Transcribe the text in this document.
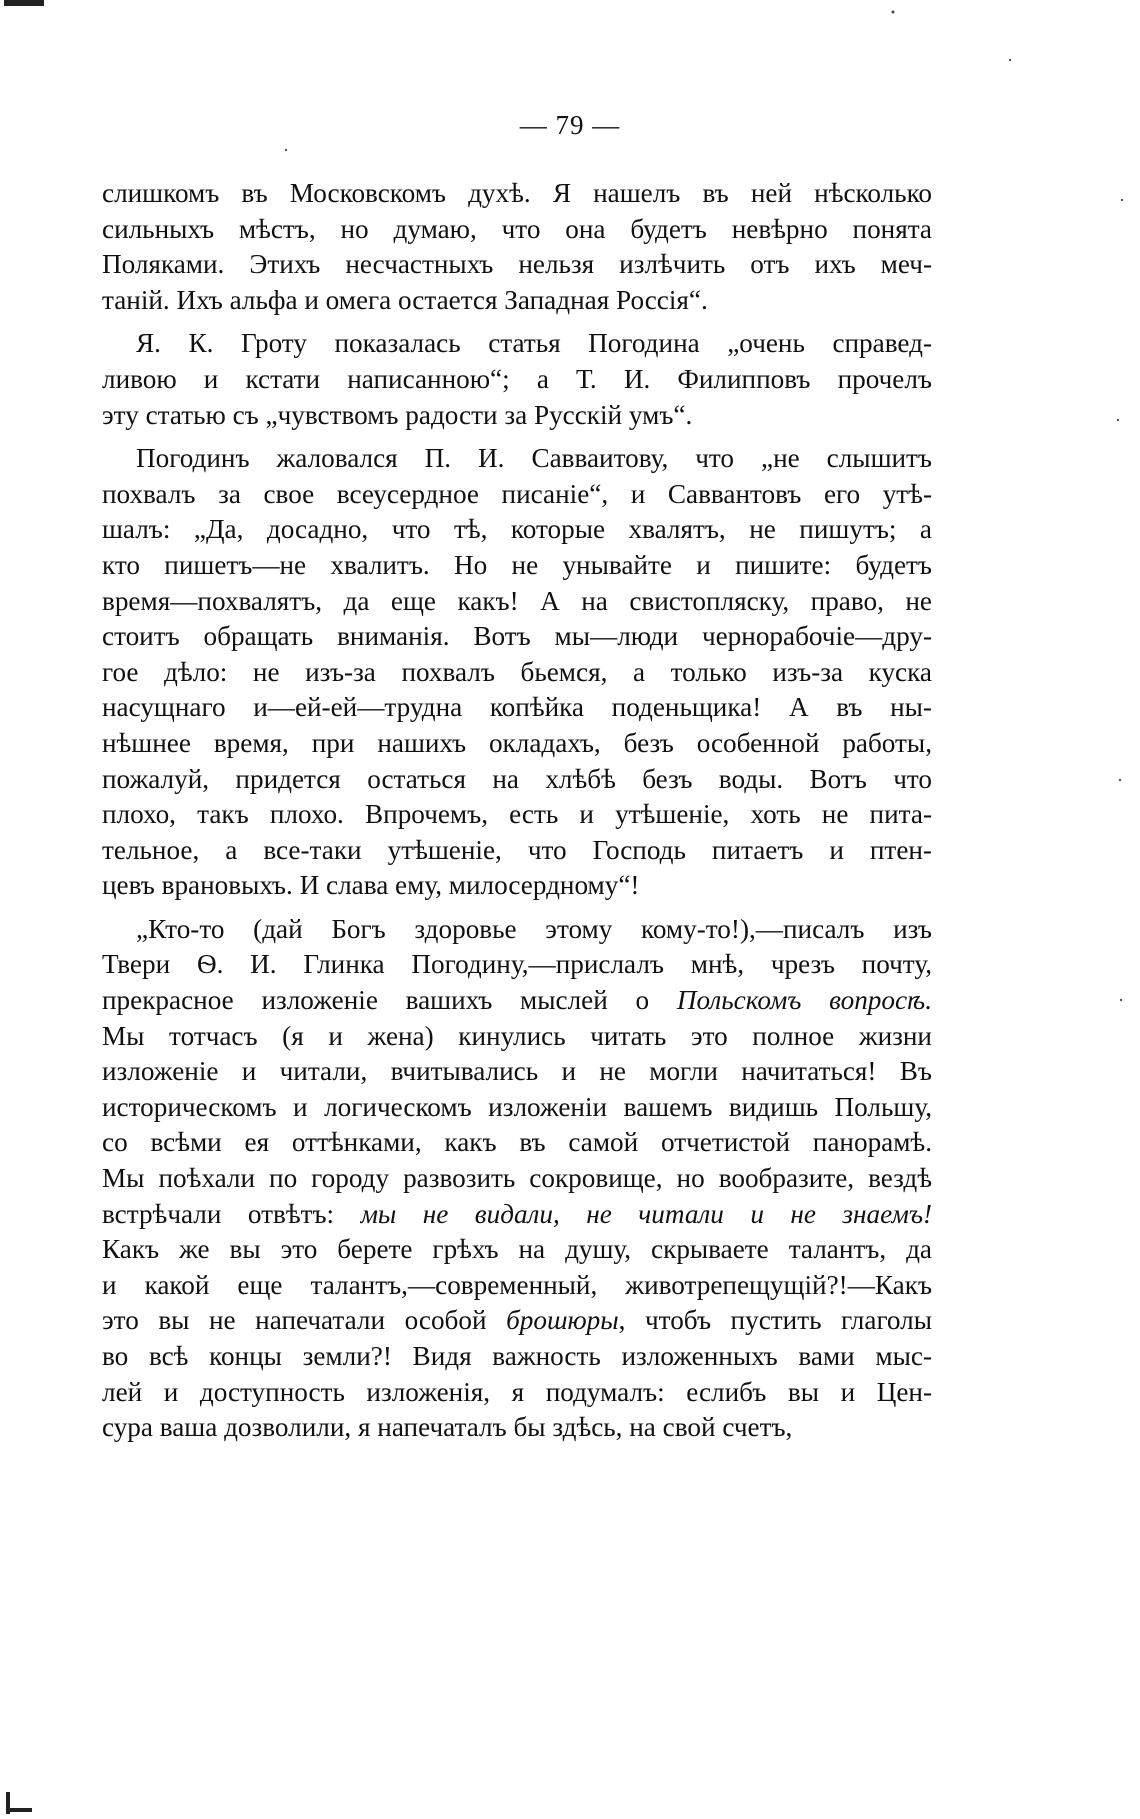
— 79 —
слишкомъ въ Московскомъ духѣ. Я нашелъ въ ней нѣсколько
сильныхъ мѣстъ, но думаю, что она будетъ невѣрно понята
Поляками. Этихъ несчастныхъ нельзя излѣчить отъ ихъ меч-
таній. Ихъ альфа и омега остается Западная Россія“.
Я. К. Гроту показалась статья Погодина „очень справед-
ливою и кстати написанною“; а Т. И. Филипповъ прочелъ
эту статью съ „чувствомъ радости за Русскій умъ“.
Погодинъ жаловался П. И. Савваитову, что „не слышитъ
похвалъ за свое всеусердное писаніе“, и Саввантовъ его утѣ-
шалъ: „Да, досадно, что тѣ, которые хвалятъ, не пишутъ; а
кто пишетъ—не хвалитъ. Но не унывайте и пишите: будетъ
время—похвалятъ, да еще какъ! А на свистопляску, право, не
стоитъ обращать вниманія. Вотъ мы—люди чернорабочіе—дру-
гое дѣло: не изъ-за похвалъ бьемся, а только изъ-за куска
насущнаго и—ей-ей—трудна копѣйка поденьщика! А въ ны-
нѣшнее время, при нашихъ окладахъ, безъ особенной работы,
пожалуй, придется остаться на хлѣбѣ безъ воды. Вотъ что
плохо, такъ плохо. Впрочемъ, есть и утѣшеніе, хоть не пита-
тельное, а все-таки утѣшеніе, что Господь питаетъ и птен-
цевъ врановыхъ. И слава ему, милосердному“!
„Кто-то (дай Богъ здоровье этому кому-то!),—писалъ изъ
Твери Ѳ. И. Глинка Погодину,—прислалъ мнѣ, чрезъ почту,
прекрасное изложеніе вашихъ мыслей о Польскомъ вопросѣ.
Мы тотчасъ (я и жена) кинулись читать это полное жизни
изложеніе и читали, вчитывались и не могли начитаться! Въ
историческомъ и логическомъ изложеніи вашемъ видишь Польшу,
со всѣми ея оттѣнками, какъ въ самой отчетистой панорамѣ.
Мы поѣхали по городу развозить сокровище, но вообразите, вездѣ
встрѣчали отвѣтъ: мы не видали, не читали и не знаемъ!
Какъ же вы это берете грѣхъ на душу, скрываете талантъ, да
и какой еще талантъ,—современный, животрепещущій?!—Какъ
это вы не напечатали особой брошюры, чтобъ пустить глаголы
во всѣ концы земли?! Видя важность изложенныхъ вами мыс-
лей и доступность изложенія, я подумалъ: еслибъ вы и Цен-
сура ваша дозволили, я напечаталъ бы здѣсь, на свой счетъ,
